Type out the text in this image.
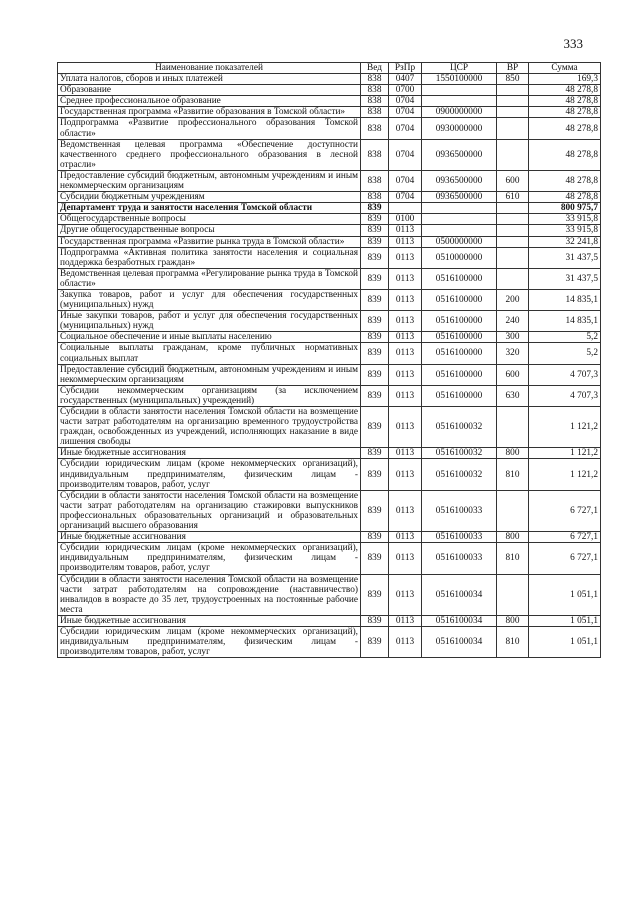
333
Наименование показателей	Вед	РзПр	ЦСР	ВР	Сумма
Уплата налогов, сборов и иных платежей	838	0407	1550100000	850	169,3
Образование	838	0700			48 278,8
Среднее профессиональное образование	838	0704			48 278,8
Государственная программа «Развитие образования в Томской области»	838	0704	0900000000		48 278,8
Подпрограмма «Развитие профессионального образования Томской области»	838	0704	0930000000		48 278,8
Ведомственная целевая программа «Обеспечение доступности качественного среднего профессионального образования в лесной отрасли»	838	0704	0936500000		48 278,8
Предоставление субсидий бюджетным, автономным учреждениям и иным некоммерческим организациям	838	0704	0936500000	600	48 278,8
Субсидии бюджетным учреждениям	838	0704	0936500000	610	48 278,8
Департамент труда и занятости населения Томской области	839				800 975,7
Общегосударственные вопросы	839	0100			33 915,8
Другие общегосударственные вопросы	839	0113			33 915,8
Государственная программа «Развитие рынка труда в Томской области»	839	0113	0500000000		32 241,8
Подпрограмма «Активная политика занятости населения и социальная поддержка безработных граждан»	839	0113	0510000000		31 437,5
Ведомственная целевая программа «Регулирование рынка труда в Томской области»	839	0113	0516100000		31 437,5
Закупка товаров, работ и услуг для обеспечения государственных (муниципальных) нужд	839	0113	0516100000	200	14 835,1
Иные закупки товаров, работ и услуг для обеспечения государственных (муниципальных) нужд	839	0113	0516100000	240	14 835,1
Социальное обеспечение и иные выплаты населению	839	0113	0516100000	300	5,2
Социальные выплаты гражданам, кроме публичных нормативных социальных выплат	839	0113	0516100000	320	5,2
Предоставление субсидий бюджетным, автономным учреждениям и иным некоммерческим организациям	839	0113	0516100000	600	4 707,3
Субсидии некоммерческим организациям (за исключением государственных (муниципальных) учреждений)	839	0113	0516100000	630	4 707,3
Субсидии в области занятости населения Томской области на возмещение части затрат работодателям на организацию временного трудоустройства граждан, освобожденных из учреждений, исполняющих наказание в виде лишения свободы	839	0113	0516100032		1 121,2
Иные бюджетные ассигнования	839	0113	0516100032	800	1 121,2
Субсидии юридическим лицам (кроме некоммерческих организаций), индивидуальным предпринимателям, физическим лицам - производителям товаров, работ, услуг	839	0113	0516100032	810	1 121,2
Субсидии в области занятости населения Томской области на возмещение части затрат работодателям на организацию стажировки выпускников профессиональных образовательных организаций и образовательных организаций высшего образования	839	0113	0516100033		6 727,1
Иные бюджетные ассигнования	839	0113	0516100033	800	6 727,1
Субсидии юридическим лицам (кроме некоммерческих организаций), индивидуальным предпринимателям, физическим лицам - производителям товаров, работ, услуг	839	0113	0516100033	810	6 727,1
Субсидии в области занятости населения Томской области на возмещение части затрат работодателям на сопровождение (наставничество) инвалидов в возрасте до 35 лет, трудоустроенных на постоянные рабочие места	839	0113	0516100034		1 051,1
Иные бюджетные ассигнования	839	0113	0516100034	800	1 051,1
Субсидии юридическим лицам (кроме некоммерческих организаций), индивидуальным предпринимателям, физическим лицам - производителям товаров, работ, услуг	839	0113	0516100034	810	1 051,1
